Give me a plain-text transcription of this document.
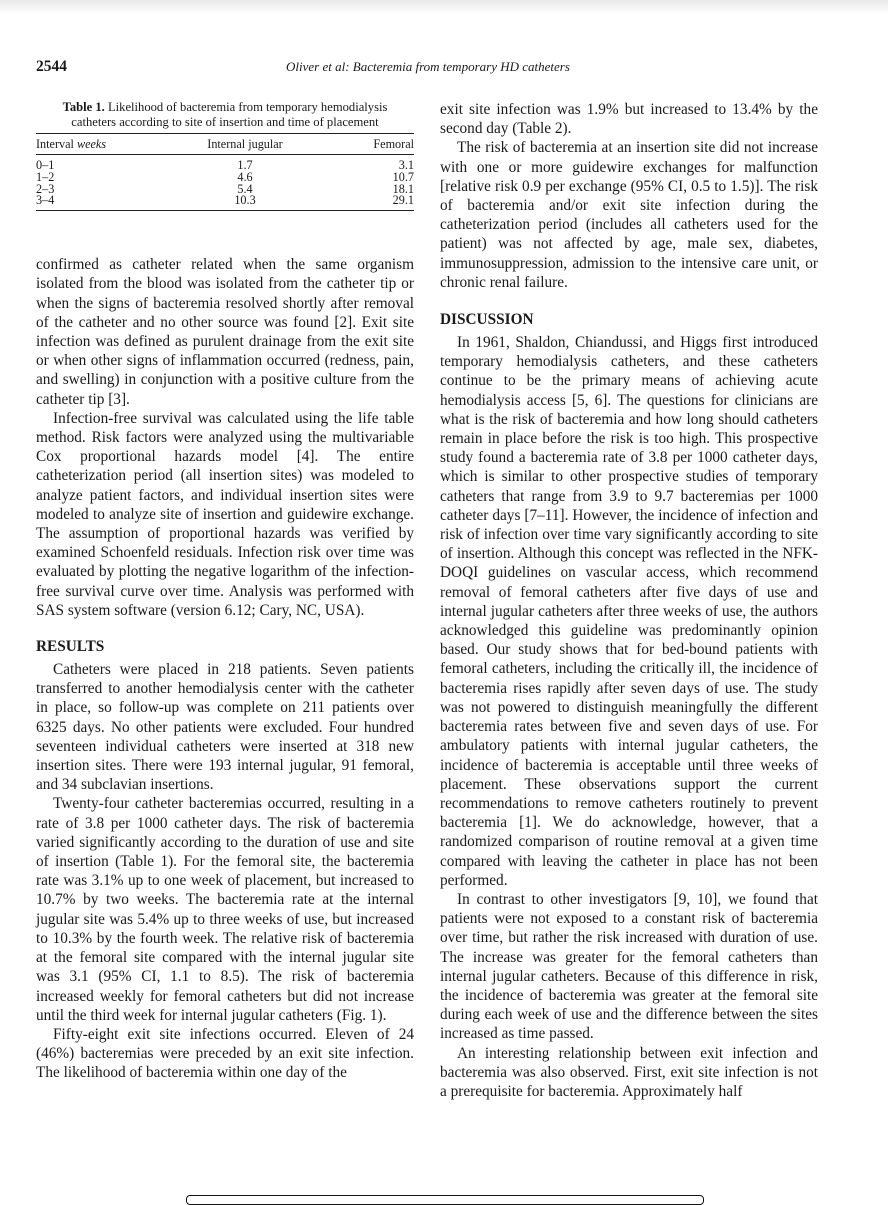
2544	Oliver et al: Bacteremia from temporary HD catheters
Table 1. Likelihood of bacteremia from temporary hemodialysis
catheters according to site of insertion and time of placement
Interval weeks	Internal jugular	Femoral
0–1	1.7	3.1
1–2	4.6	10.7
2–3	5.4	18.1
3–4	10.3	29.1

confirmed as catheter related when the same organism isolated from the blood was isolated from the catheter tip or when the signs of bacteremia resolved shortly after removal of the catheter and no other source was found [2]. Exit site infection was defined as purulent drainage from the exit site or when other signs of inflammation occurred (redness, pain, and swelling) in conjunction with a positive culture from the catheter tip [3].

Infection-free survival was calculated using the life table method. Risk factors were analyzed using the multivariable Cox proportional hazards model [4]. The entire catheterization period (all insertion sites) was modeled to analyze patient factors, and individual insertion sites were modeled to analyze site of insertion and guidewire exchange. The assumption of proportional hazards was verified by examined Schoenfeld residuals. Infection risk over time was evaluated by plotting the negative logarithm of the infection-free survival curve over time. Analysis was performed with SAS system software (version 6.12; Cary, NC, USA).

RESULTS

Catheters were placed in 218 patients. Seven patients transferred to another hemodialysis center with the catheter in place, so follow-up was complete on 211 patients over 6325 days. No other patients were excluded. Four hundred seventeen individual catheters were inserted at 318 new insertion sites. There were 193 internal jugular, 91 femoral, and 34 subclavian insertions.

Twenty-four catheter bacteremias occurred, resulting in a rate of 3.8 per 1000 catheter days. The risk of bacteremia varied significantly according to the duration of use and site of insertion (Table 1). For the femoral site, the bacteremia rate was 3.1% up to one week of placement, but increased to 10.7% by two weeks. The bacteremia rate at the internal jugular site was 5.4% up to three weeks of use, but increased to 10.3% by the fourth week. The relative risk of bacteremia at the femoral site compared with the internal jugular site was 3.1 (95% CI, 1.1 to 8.5). The risk of bacteremia increased weekly for femoral catheters but did not increase until the third week for internal jugular catheters (Fig. 1).

Fifty-eight exit site infections occurred. Eleven of 24 (46%) bacteremias were preceded by an exit site infection. The likelihood of bacteremia within one day of the

exit site infection was 1.9% but increased to 13.4% by the second day (Table 2).

The risk of bacteremia at an insertion site did not increase with one or more guidewire exchanges for malfunction [relative risk 0.9 per exchange (95% CI, 0.5 to 1.5)]. The risk of bacteremia and/or exit site infection during the catheterization period (includes all catheters used for the patient) was not affected by age, male sex, diabetes, immunosuppression, admission to the intensive care unit, or chronic renal failure.

DISCUSSION

In 1961, Shaldon, Chiandussi, and Higgs first introduced temporary hemodialysis catheters, and these catheters continue to be the primary means of achieving acute hemodialysis access [5, 6]. The questions for clinicians are what is the risk of bacteremia and how long should catheters remain in place before the risk is too high. This prospective study found a bacteremia rate of 3.8 per 1000 catheter days, which is similar to other prospective studies of temporary catheters that range from 3.9 to 9.7 bacteremias per 1000 catheter days [7–11]. However, the incidence of infection and risk of infection over time vary significantly according to site of insertion. Although this concept was reflected in the NFK-DOQI guidelines on vascular access, which recommend removal of femoral catheters after five days of use and internal jugular catheters after three weeks of use, the authors acknowledged this guideline was predominantly opinion based. Our study shows that for bed-bound patients with femoral catheters, including the critically ill, the incidence of bacteremia rises rapidly after seven days of use. The study was not powered to distinguish meaningfully the different bacteremia rates between five and seven days of use. For ambulatory patients with internal jugular catheters, the incidence of bacteremia is acceptable until three weeks of placement. These observations support the current recommendations to remove catheters routinely to prevent bacteremia [1]. We do acknowledge, however, that a randomized comparison of routine removal at a given time compared with leaving the catheter in place has not been performed.

In contrast to other investigators [9, 10], we found that patients were not exposed to a constant risk of bacteremia over time, but rather the risk increased with duration of use. The increase was greater for the femoral catheters than internal jugular catheters. Because of this difference in risk, the incidence of bacteremia was greater at the femoral site during each week of use and the difference between the sites increased as time passed.

An interesting relationship between exit infection and bacteremia was also observed. First, exit site infection is not a prerequisite for bacteremia. Approximately half
